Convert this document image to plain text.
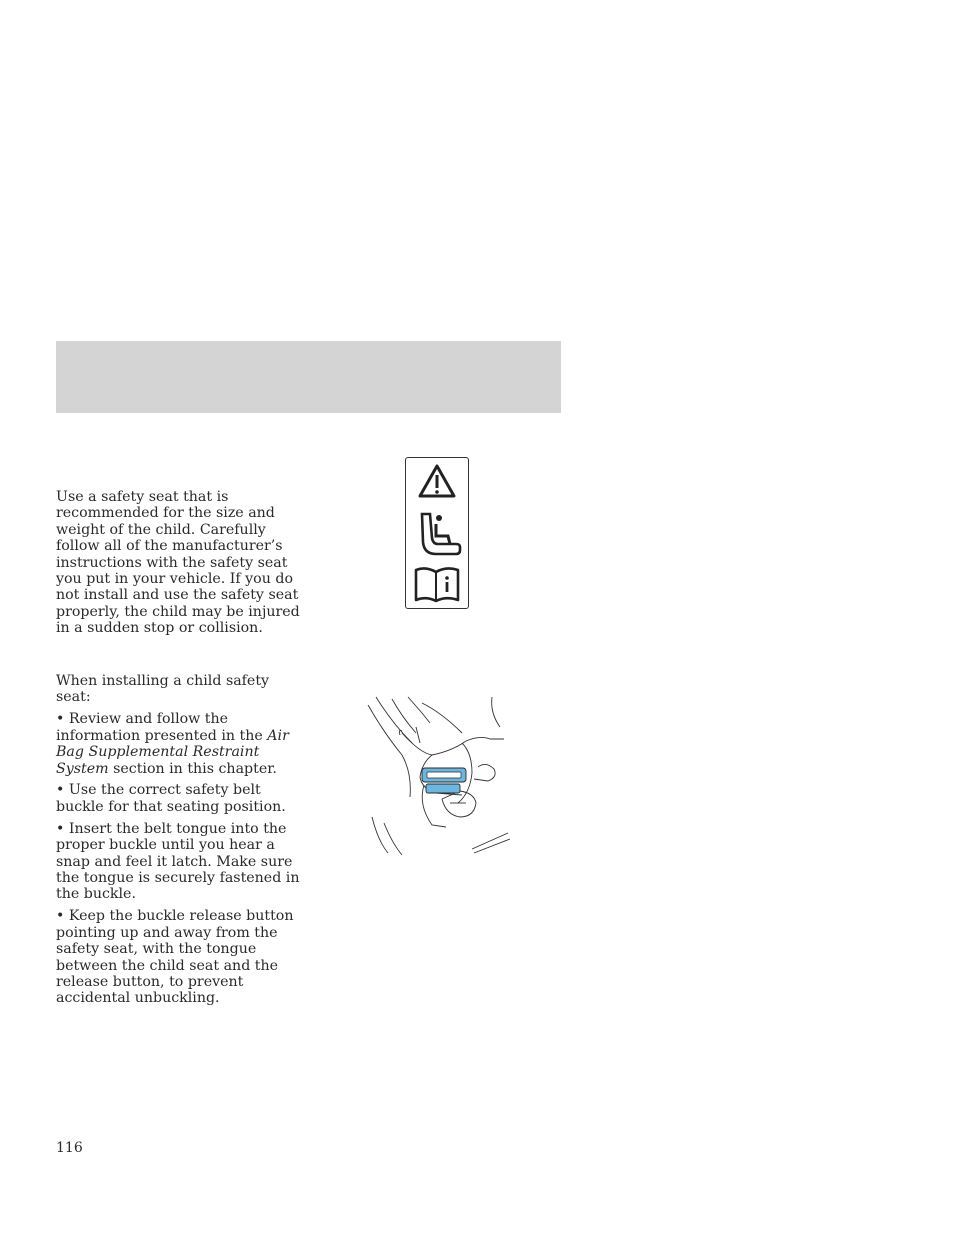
Use a safety seat that is recommended for the size and weight of the child. Carefully follow all of the manufacturer’s instructions with the safety seat you put in your vehicle. If you do not install and use the safety seat properly, the child may be injured in a sudden stop or collision.
When installing a child safety seat:
• Review and follow the information presented in the Air Bag Supplemental Restraint System section in this chapter.
• Use the correct safety belt buckle for that seating position.
• Insert the belt tongue into the proper buckle until you hear a snap and feel it latch. Make sure the tongue is securely fastened in the buckle.
• Keep the buckle release button pointing up and away from the safety seat, with the tongue between the child seat and the release button, to prevent accidental unbuckling.
116
